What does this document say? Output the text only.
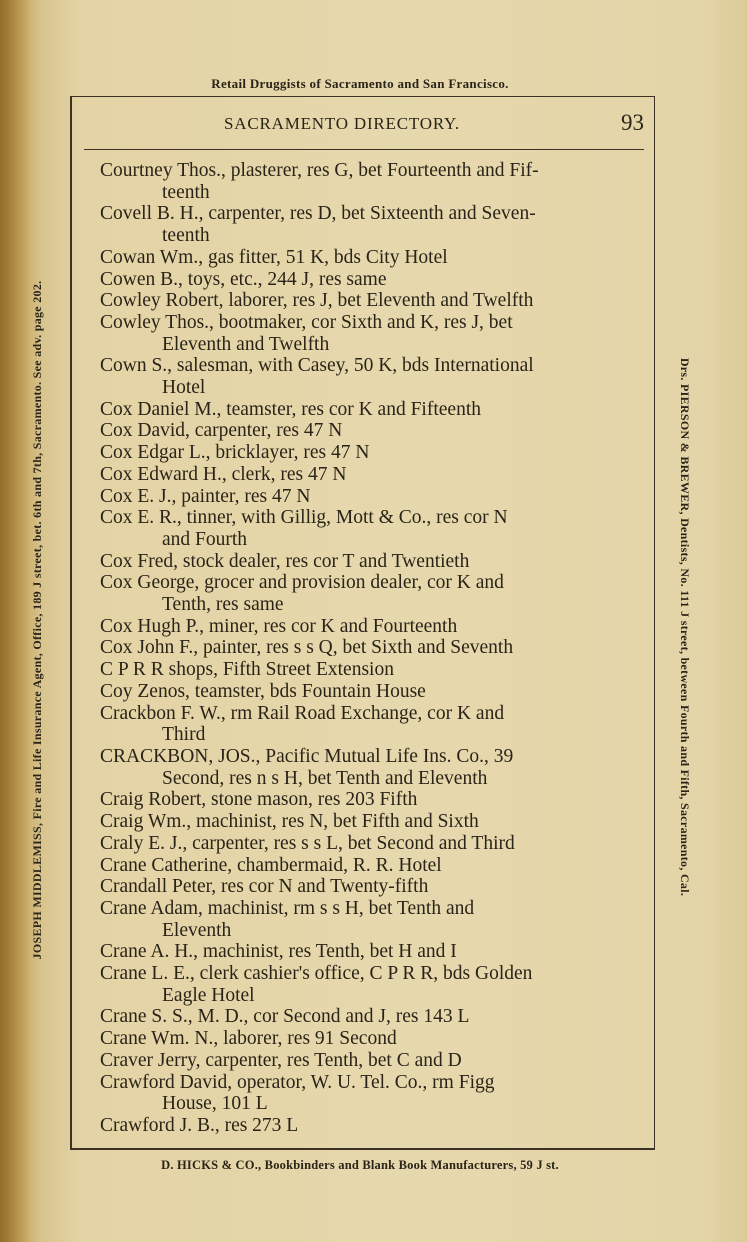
Retail Druggists of Sacramento and San Francisco.
SACRAMENTO DIRECTORY.	93
Courtney Thos., plasterer, res G, bet Fourteenth and Fif-
teenth
Covell B. H., carpenter, res D, bet Sixteenth and Seven-
teenth
Cowan Wm., gas fitter, 51 K, bds City Hotel
Cowen B., toys, etc., 244 J, res same
Cowley Robert, laborer, res J, bet Eleventh and Twelfth
Cowley Thos., bootmaker, cor Sixth and K, res J, bet
Eleventh and Twelfth
Cown S., salesman, with Casey, 50 K, bds International
Hotel
Cox Daniel M., teamster, res cor K and Fifteenth
Cox David, carpenter, res 47 N
Cox Edgar L., bricklayer, res 47 N
Cox Edward H., clerk, res 47 N
Cox E. J., painter, res 47 N
Cox E. R., tinner, with Gillig, Mott & Co., res cor N
and Fourth
Cox Fred, stock dealer, res cor T and Twentieth
Cox George, grocer and provision dealer, cor K and
Tenth, res same
Cox Hugh P., miner, res cor K and Fourteenth
Cox John F., painter, res s s Q, bet Sixth and Seventh
C P R R shops, Fifth Street Extension
Coy Zenos, teamster, bds Fountain House
Crackbon F. W., rm Rail Road Exchange, cor K and
Third
CRACKBON, JOS., Pacific Mutual Life Ins. Co., 39
Second, res n s H, bet Tenth and Eleventh
Craig Robert, stone mason, res 203 Fifth
Craig Wm., machinist, res N, bet Fifth and Sixth
Craly E. J., carpenter, res s s L, bet Second and Third
Crane Catherine, chambermaid, R. R. Hotel
Crandall Peter, res cor N and Twenty-fifth
Crane Adam, machinist, rm s s H, bet Tenth and
Eleventh
Crane A. H., machinist, res Tenth, bet H and I
Crane L. E., clerk cashier's office, C P R R, bds Golden
Eagle Hotel
Crane S. S., M. D., cor Second and J, res 143 L
Crane Wm. N., laborer, res 91 Second
Craver Jerry, carpenter, res Tenth, bet C and D
Crawford David, operator, W. U. Tel. Co., rm Figg
House, 101 L
Crawford J. B., res 273 L
JOSEPH MIDDLEMISS, Fire and Life Insurance Agent, Office, 189 J street, bet. 6th and 7th, Sacramento. See adv. page 202.	Drs. PIERSON & BREWER, Dentists, No. 111 J street, between Fourth and Fifth, Sacramento, Cal.
D. HICKS & CO., Bookbinders and Blank Book Manufacturers, 59 J st.
